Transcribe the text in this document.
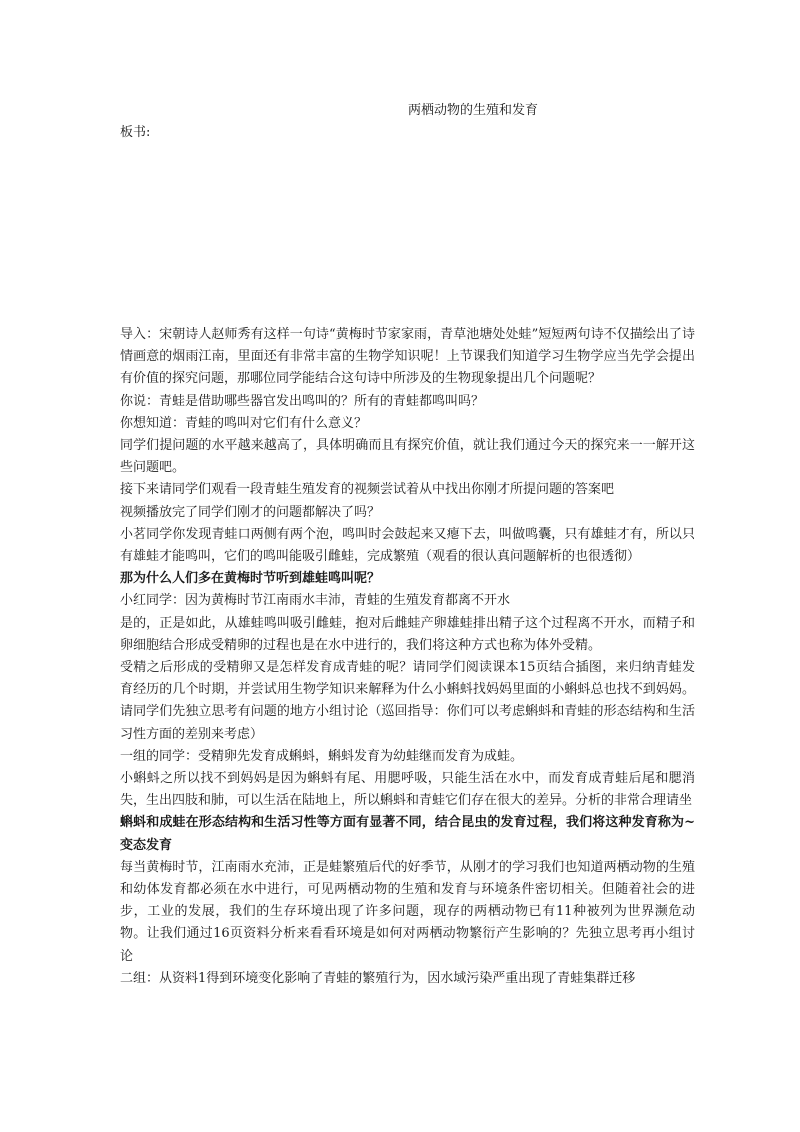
两栖动物的生殖和发育
板书:

导入：宋朝诗人赵师秀有这样一句诗“黄梅时节家家雨，青草池塘处处蛙”短短两句诗不仅描绘出了诗情画意的烟雨江南，里面还有非常丰富的生物学知识呢！上节课我们知道学习生物学应当先学会提出有价值的探究问题，那哪位同学能结合这句诗中所涉及的生物现象提出几个问题呢？

你说：青蛙是借助哪些器官发出鸣叫的？所有的青蛙都鸣叫吗？

你想知道：青蛙的鸣叫对它们有什么意义？

同学们提问题的水平越来越高了，具体明确而且有探究价值，就让我们通过今天的探究来一一解开这些问题吧。

接下来请同学们观看一段青蛙生殖发育的视频尝试着从中找出你刚才所提问题的答案吧

视频播放完了同学们刚才的问题都解决了吗？

小茗同学你发现青蛙口两侧有两个泡，鸣叫时会鼓起来又瘪下去，叫做鸣囊，只有雄蛙才有，所以只有雄蛙才能鸣叫，它们的鸣叫能吸引雌蛙，完成繁殖（观看的很认真问题解析的也很透彻）

那为什么人们多在黄梅时节听到雄蛙鸣叫呢？

小红同学：因为黄梅时节江南雨水丰沛，青蛙的生殖发育都离不开水

是的，正是如此，从雄蛙鸣叫吸引雌蛙，抱对后雌蛙产卵雄蛙排出精子这个过程离不开水，而精子和卵细胞结合形成受精卵的过程也是在水中进行的，我们将这种方式也称为体外受精。

受精之后形成的受精卵又是怎样发育成青蛙的呢？请同学们阅读课本15页结合插图，来归纳青蛙发育经历的几个时期，并尝试用生物学知识来解释为什么小蝌蚪找妈妈里面的小蝌蚪总也找不到妈妈。请同学们先独立思考有问题的地方小组讨论（巡回指导：你们可以考虑蝌蚪和青蛙的形态结构和生活习性方面的差别来考虑）

一组的同学：受精卵先发育成蝌蚪，蝌蚪发育为幼蛙继而发育为成蛙。

小蝌蚪之所以找不到妈妈是因为蝌蚪有尾、用腮呼吸，只能生活在水中，而发育成青蛙后尾和腮消失，生出四肢和肺，可以生活在陆地上，所以蝌蚪和青蛙它们存在很大的差异。分析的非常合理请坐

蝌蚪和成蛙在形态结构和生活习性等方面有显著不同，结合昆虫的发育过程，我们将这种发育称为~变态发育

每当黄梅时节，江南雨水充沛，正是蛙繁殖后代的好季节，从刚才的学习我们也知道两栖动物的生殖和幼体发育都必须在水中进行，可见两栖动物的生殖和发育与环境条件密切相关。但随着社会的进步，工业的发展，我们的生存环境出现了许多问题，现存的两栖动物已有11种被列为世界濒危动物。让我们通过16页资料分析来看看环境是如何对两栖动物繁衍产生影响的？先独立思考再小组讨论

二组：从资料1得到环境变化影响了青蛙的繁殖行为，因水域污染严重出现了青蛙集群迁移
